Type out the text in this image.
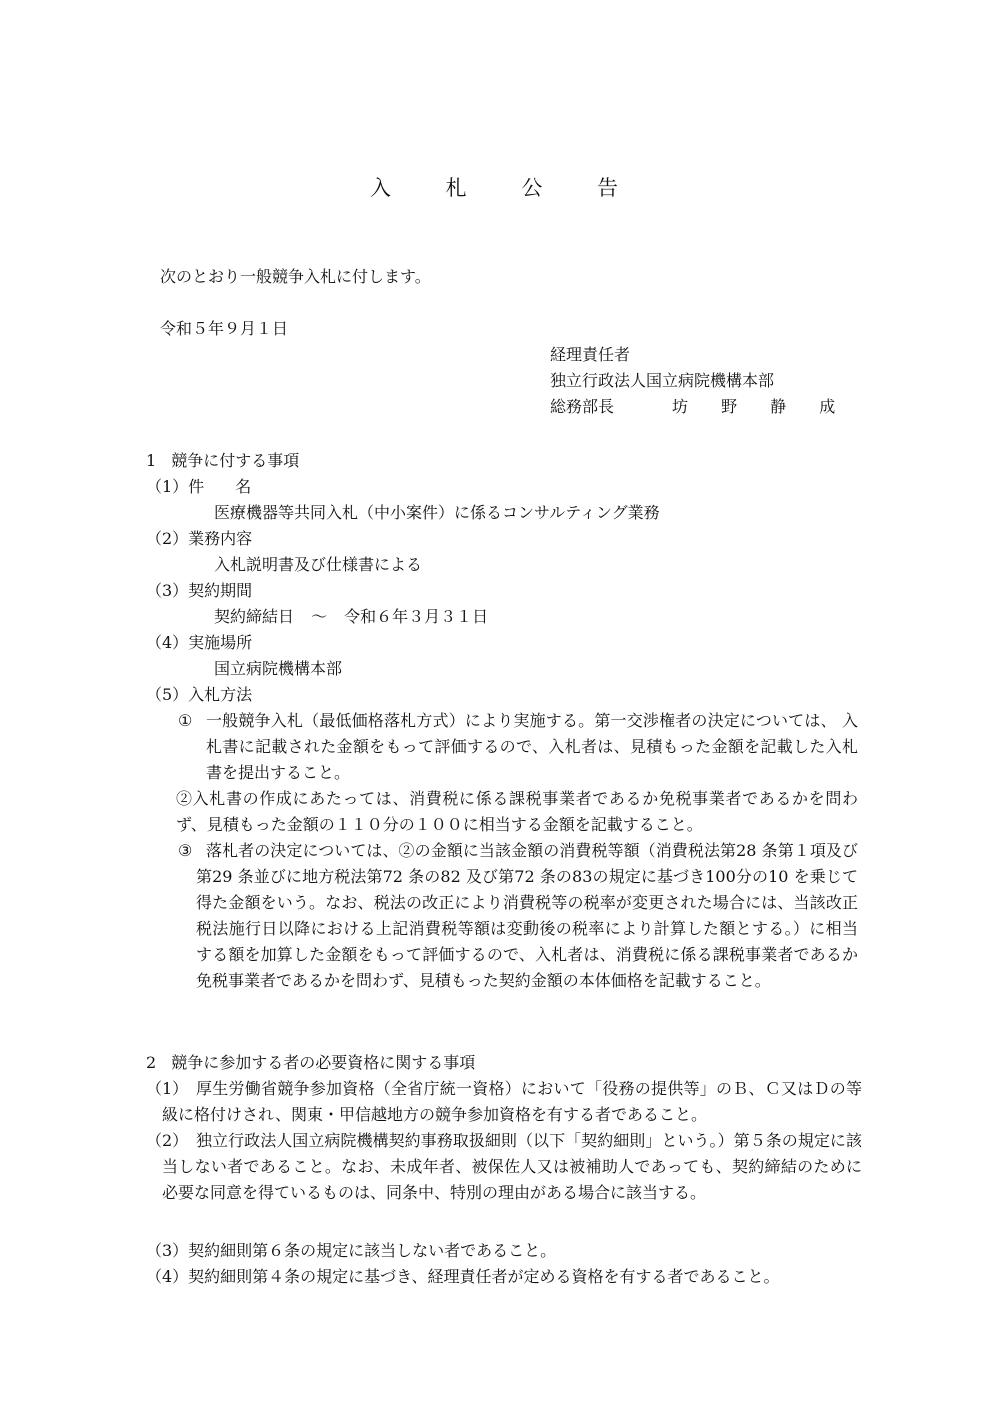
入 札 公 告
次のとおり一般競争入札に付します。
令和５年９月１日
経理責任者
独立行政法人国立病院機構本部
総務部長	坊 野 静 成
1 競争に付する事項
（1）件 名
医療機器等共同入札（中小案件）に係るコンサルティング業務
（2）業務内容
入札説明書及び仕様書による
（3）契約期間
契約締結日 〜 令和６年３月３１日
（4）実施場所
国立病院機構本部
（5）入札方法
① 一般競争入札（最低価格落札方式）により実施する。第一交渉権者の決定については、 入札書に記載された金額をもって評価するので、入札者は、見積もった金額を記載した入札書を提出すること。
②入札書の作成にあたっては、消費税に係る課税事業者であるか免税事業者であるかを問わず、見積もった金額の１１０分の１００に相当する金額を記載すること。
③ 落札者の決定については、②の金額に当該金額の消費税等額（消費税法第28 条第１項及び第29 条並びに地方税法第72 条の82 及び第72 条の83の規定に基づき100分の10 を乗じて得た金額をいう。なお、税法の改正により消費税等の税率が変更された場合には、当該改正税法施行日以降における上記消費税等額は変動後の税率により計算した額とする。）に相当する額を加算した金額をもって評価するので、入札者は、消費税に係る課税事業者であるか免税事業者であるかを問わず、見積もった契約金額の本体価格を記載すること。
2 競争に参加する者の必要資格に関する事項
（1） 厚生労働省競争参加資格（全省庁統一資格）において「役務の提供等」のＢ、Ｃ又はＤの等級に格付けされ、関東・甲信越地方の競争参加資格を有する者であること。
（2） 独立行政法人国立病院機構契約事務取扱細則（以下「契約細則」という。）第５条の規定に該当しない者であること。なお、未成年者、被保佐人又は被補助人であっても、契約締結のために必要な同意を得ているものは、同条中、特別の理由がある場合に該当する。
（3）契約細則第６条の規定に該当しない者であること。
（4）契約細則第４条の規定に基づき、経理責任者が定める資格を有する者であること。
